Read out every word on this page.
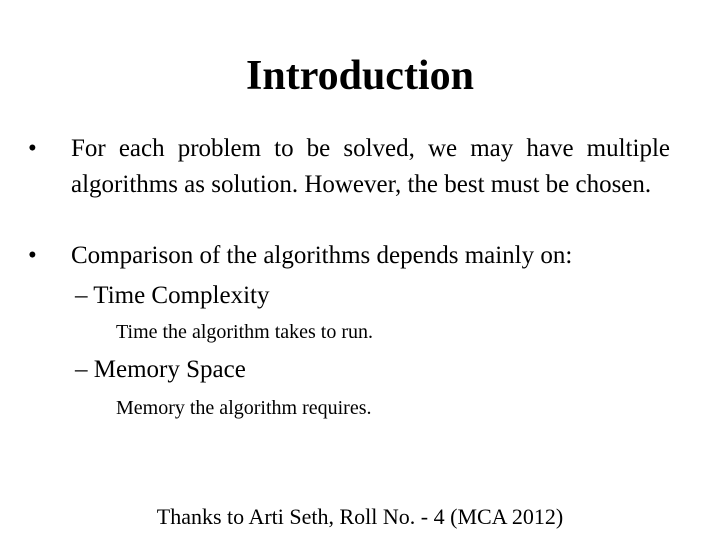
Introduction
•	For each problem to be solved, we may have multiple algorithms as solution. However, the best must be chosen.
•	Comparison of the algorithms depends mainly on:
– Time Complexity
Time the algorithm takes to run.
– Memory Space
Memory the algorithm requires.
Thanks to Arti Seth, Roll No. - 4 (MCA 2012)
